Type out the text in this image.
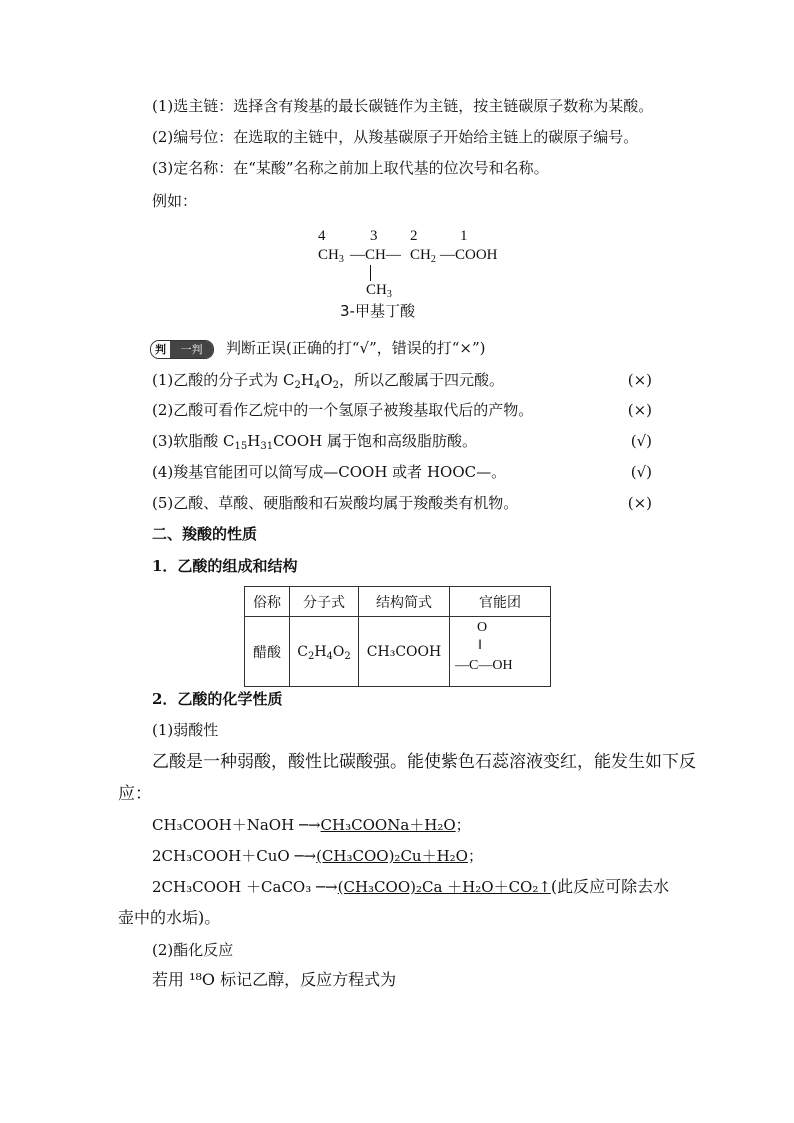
(1)选主链：选择含有羧基的最长碳链作为主链，按主链碳原子数称为某酸。
(2)编号位：在选取的主链中，从羧基碳原子开始给主链上的碳原子编号。
(3)定名称：在“某酸”名称之前加上取代基的位次号和名称。
例如：
4	3 2	1
$CH_3$ —CH— $CH_2$ —COOH
$CH_3$
3-甲基丁酸
判	一判	判断正误(正确的打“√”，错误的打“×”)
(1)乙酸的分子式为 $C_2H_4O_2$，所以乙酸属于四元酸。	(×)
(2)乙酸可看作乙烷中的一个氢原子被羧基取代后的产物。	(×)
(3)软脂酸 $C_{15}H_{31}COOH$ 属于饱和高级脂肪酸。	(√)
(4)羧基官能团可以简写成—COOH 或者 HOOC—。	(√)
(5)乙酸、草酸、硬脂酸和石炭酸均属于羧酸类有机物。	(×)
二、羧酸的性质
1．乙酸的组成和结构
俗称	分子式	结构简式	官能团
醋酸	$C_2H_4O_2$	CH₃COOH	O
‖
—C—OH
2．乙酸的化学性质
(1)弱酸性
乙酸是一种弱酸，酸性比碳酸强。能使紫色石蕊溶液变红，能发生如下反
应：
CH₃COOH＋NaOH ─→CH₃COONa＋H₂O；
2CH₃COOH＋CuO ─→(CH₃COO)₂Cu＋H₂O；
2CH₃COOH ＋CaCO₃ ─→(CH₃COO)₂Ca ＋H₂O＋CO₂↑(此反应可除去水
壶中的水垢)。
(2)酯化反应
若用 ¹⁸O 标记乙醇，反应方程式为
